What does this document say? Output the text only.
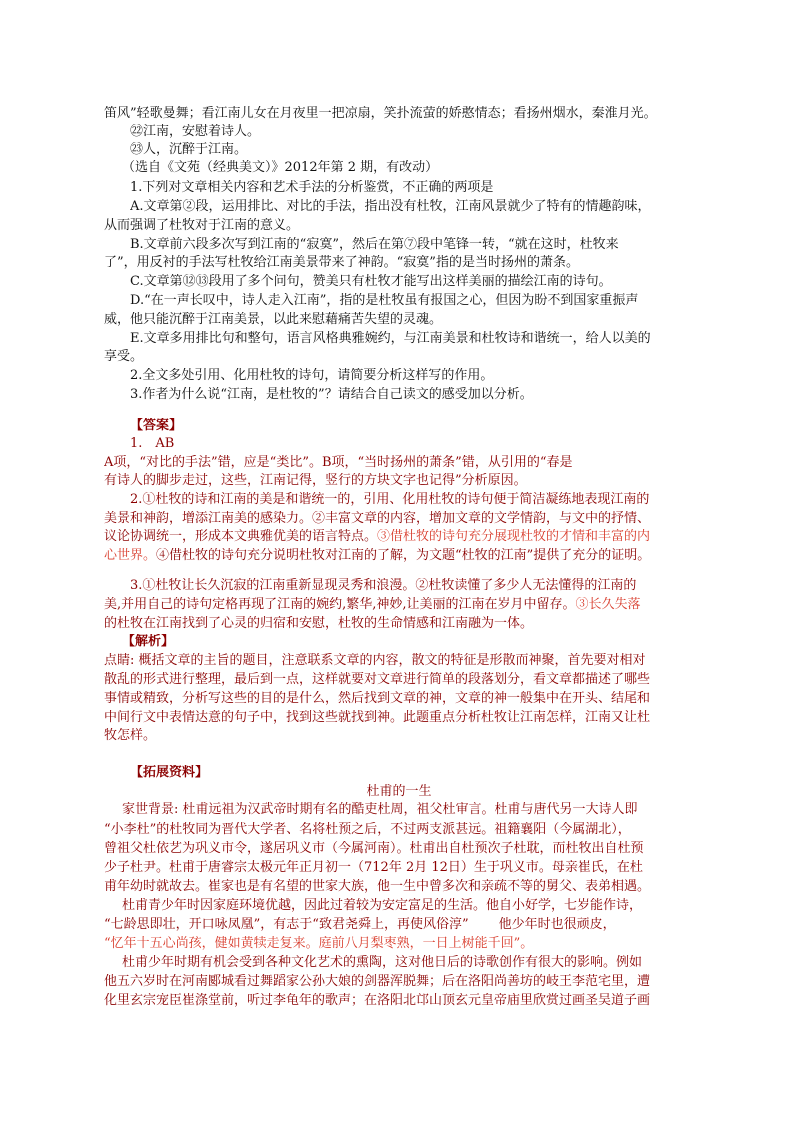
笛风”轻歌曼舞；看江南儿女在月夜里一把凉扇，笑扑流萤的娇憨情态；看扬州烟水，秦淮月光。
㉒江南，安慰着诗人。
㉓人，沉醉于江南。
（选自《文苑（经典美文）》2012年第 2 期，有改动）
1.下列对文章相关内容和艺术手法的分析鉴赏，不正确的两项是
A.文章第②段，运用排比、对比的手法，指出没有杜牧，江南风景就少了特有的情趣韵味，
从而强调了杜牧对于江南的意义。
B.文章前六段多次写到江南的“寂寞”，然后在第⑦段中笔锋一转，“就在这时，杜牧来
了”，用反衬的手法写杜牧给江南美景带来了神韵。“寂寞”指的是当时扬州的萧条。
C.文章第⑫⑬段用了多个问句，赞美只有杜牧才能写出这样美丽的描绘江南的诗句。
D.“在一声长叹中，诗人走入江南”，指的是杜牧虽有报国之心，但因为盼不到国家重振声
威，他只能沉醉于江南美景，以此来慰藉痛苦失望的灵魂。
E.文章多用排比句和整句，语言风格典雅婉约，与江南美景和杜牧诗和谐统一，给人以美的
享受。
2.全文多处引用、化用杜牧的诗句，请简要分析这样写的作用。
3.作者为什么说“江南，是杜牧的”？请结合自己读文的感受加以分析。
【答案】
1.　AB
A项，“对比的手法”错，应是“类比”。B项，“当时扬州的萧条”错，从引用的“春是
有诗人的脚步走过，这些，江南记得，竖行的方块文字也记得”分析原因。
2.①杜牧的诗和江南的美是和谐统一的，引用、化用杜牧的诗句便于简洁凝练地表现江南的
美景和神韵，增添江南美的感染力。②丰富文章的内容，增加文章的文学情韵，与文中的抒情、
议论协调统一，形成本文典雅优美的语言特点。③借杜牧的诗句充分展现杜牧的才情和丰富的内
心世界。④借杜牧的诗句充分说明杜牧对江南的了解，为文题“杜牧的江南”提供了充分的证明。
3.①杜牧让长久沉寂的江南重新显现灵秀和浪漫。②杜牧读懂了多少人无法懂得的江南的
美,并用自己的诗句定格再现了江南的婉约,繁华,神妙,让美丽的江南在岁月中留存。③长久失落
的杜牧在江南找到了心灵的归宿和安慰，杜牧的生命情感和江南融为一体。
【解析】
点睛: 概括文章的主旨的题目，注意联系文章的内容，散文的特征是形散而神聚，首先要对相对
散乱的形式进行整理，最后到一点，这样就要对文章进行简单的段落划分，看文章都描述了哪些
事情或精致，分析写这些的目的是什么，然后找到文章的神，文章的神一般集中在开头、结尾和
中间行文中表情达意的句子中，找到这些就找到神。此题重点分析杜牧让江南怎样，江南又让杜
牧怎样。
【拓展资料】
杜甫的一生
家世背景: 杜甫远祖为汉武帝时期有名的酷吏杜周，祖父杜审言。杜甫与唐代另一大诗人即
“小李杜”的杜牧同为晋代大学者、名将杜预之后，不过两支派甚远。祖籍襄阳（今属湖北），
曾祖父杜依艺为巩义市令，遂居巩义市（今属河南）。杜甫出自杜预次子杜耽，而杜牧出自杜预
少子杜尹。杜甫于唐睿宗太极元年正月初一（712年 2月 12日）生于巩义市。母亲崔氏，在杜
甫年幼时就故去。崔家也是有名望的世家大族，他一生中曾多次和亲疏不等的舅父、表弟相遇。
杜甫青少年时因家庭环境优越，因此过着较为安定富足的生活。他自小好学，七岁能作诗，
“七龄思即壮，开口咏凤凰”，有志于“致君尧舜上，再使风俗淳” 他少年时也很顽皮，
“忆年十五心尚孩，健如黄犊走复来。庭前八月梨枣熟，一日上树能千回”。
杜甫少年时期有机会受到各种文化艺术的熏陶，这对他日后的诗歌创作有很大的影响。例如
他五六岁时在河南郾城看过舞蹈家公孙大娘的剑器浑脱舞；后在洛阳尚善坊的岐王李范宅里，遭
化里玄宗宠臣崔涤堂前，听过李龟年的歌声；在洛阳北邙山顶玄元皇帝庙里欣赏过画圣吴道子画
